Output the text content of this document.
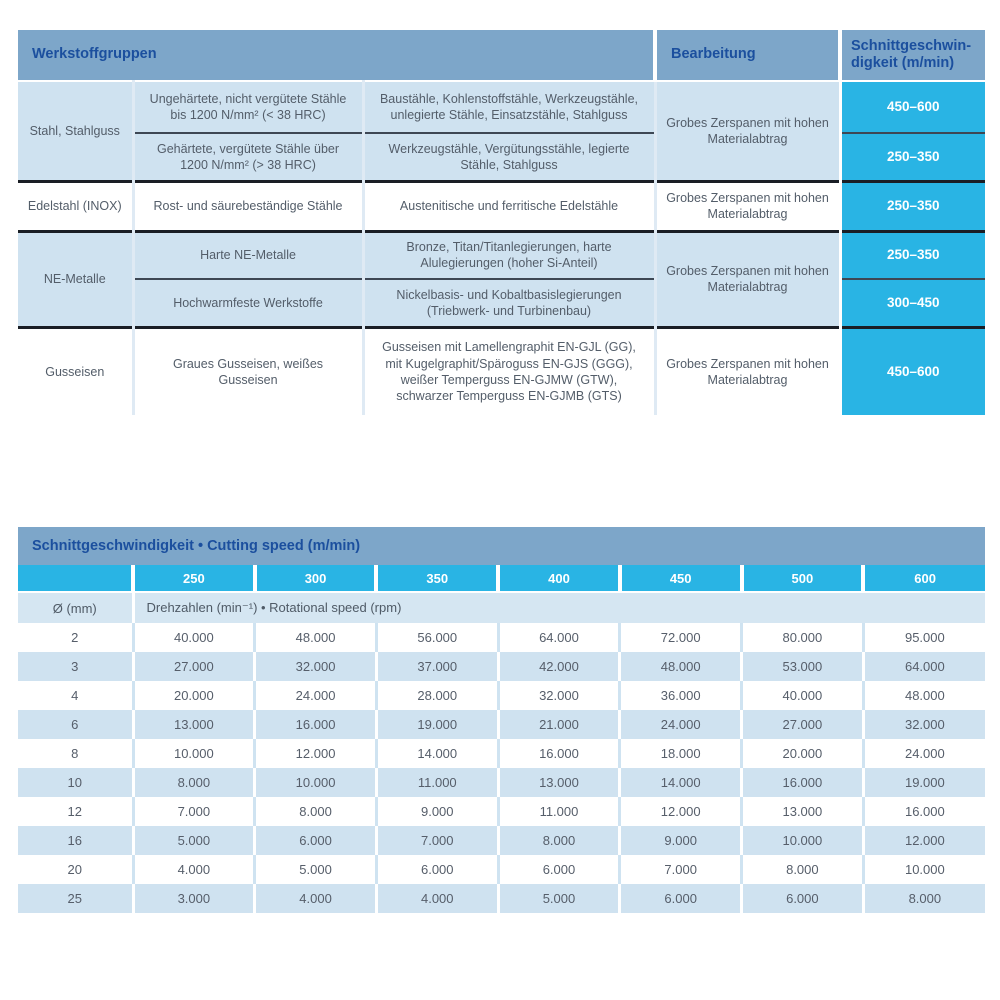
Werkstoffgruppen			Bearbeitung	Schnittgeschwin-digkeit (m/min)
Stahl, Stahlguss	Ungehärtete, nicht vergütete Stähle bis 1200 N/mm² (< 38 HRC)	Baustähle, Kohlenstoffstähle, Werkzeugstähle, unlegierte Stähle, Einsatzstähle, Stahlguss	Grobes Zerspanen mit hohen Materialabtrag	450–600
	Gehärtete, vergütete Stähle über 1200 N/mm² (> 38 HRC)	Werkzeugstähle, Vergütungsstähle, legierte Stähle, Stahlguss		250–350
Edelstahl (INOX)	Rost- und säurebeständige Stähle	Austenitische und ferritische Edelstähle	Grobes Zerspanen mit hohen Materialabtrag	250–350
NE-Metalle	Harte NE-Metalle	Bronze, Titan/Titanlegierungen, harte Alulegierungen (hoher Si-Anteil)	Grobes Zerspanen mit hohen Materialabtrag	250–350
	Hochwarmfeste Werkstoffe	Nickelbasis- und Kobaltbasislegierungen (Triebwerk- und Turbinenbau)		300–450
Gusseisen	Graues Gusseisen, weißes Gusseisen	Gusseisen mit Lamellengraphit EN-GJL (GG), mit Kugelgraphit/Späroguss EN-GJS (GGG), weißer Temperguss EN-GJMW (GTW), schwarzer Temperguss EN-GJMB (GTS)	Grobes Zerspanen mit hohen Materialabtrag	450–600
Schnittgeschwindigkeit • Cutting speed (m/min)							
	250	300	350	400	450	500	600
Ø (mm)	Drehzahlen (min⁻¹) • Rotational speed (rpm)						
2	40.000	48.000	56.000	64.000	72.000	80.000	95.000
3	27.000	32.000	37.000	42.000	48.000	53.000	64.000
4	20.000	24.000	28.000	32.000	36.000	40.000	48.000
6	13.000	16.000	19.000	21.000	24.000	27.000	32.000
8	10.000	12.000	14.000	16.000	18.000	20.000	24.000
10	8.000	10.000	11.000	13.000	14.000	16.000	19.000
12	7.000	8.000	9.000	11.000	12.000	13.000	16.000
16	5.000	6.000	7.000	8.000	9.000	10.000	12.000
20	4.000	5.000	6.000	6.000	7.000	8.000	10.000
25	3.000	4.000	4.000	5.000	6.000	6.000	8.000
